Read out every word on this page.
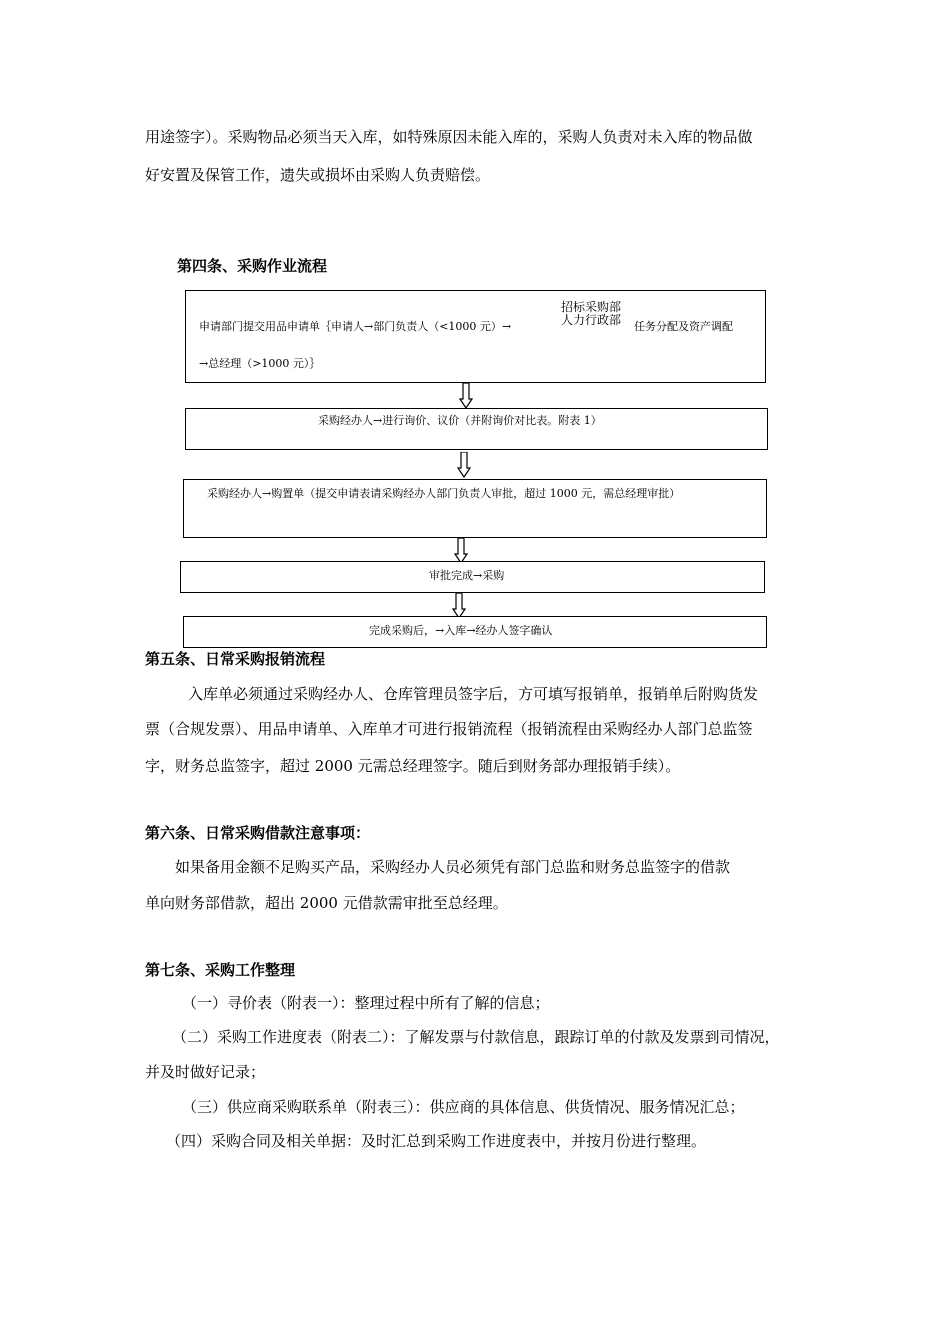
用途签字）。采购物品必须当天入库，如特殊原因未能入库的，采购人负责对未入库的物品做
好安置及保管工作，遗失或损坏由采购人负责赔偿。
第四条、采购作业流程
申请部门提交用品申请单｛申请人→部门负责人（<1000 元）→
招标采购部
人力行政部 任务分配及资产调配
→总经理（>1000 元）｝
采购经办人→进行询价、议价（并附询价对比表。附表 1）
采购经办人→购置单（提交申请表请采购经办人部门负责人审批，超过 1000 元，需总经理审批）
审批完成→采购
完成采购后，→入库→经办人签字确认
第五条、日常采购报销流程
入库单必须通过采购经办人、仓库管理员签字后，方可填写报销单，报销单后附购货发
票（合规发票）、用品申请单、入库单才可进行报销流程（报销流程由采购经办人部门总监签
字，财务总监签字，超过 2000 元需总经理签字。随后到财务部办理报销手续）。
第六条、日常采购借款注意事项：
如果备用金额不足购买产品，采购经办人员必须凭有部门总监和财务总监签字的借款
单向财务部借款，超出 2000 元借款需审批至总经理。
第七条、采购工作整理
（一）寻价表（附表一）：整理过程中所有了解的信息；
（二）采购工作进度表（附表二）：了解发票与付款信息，跟踪订单的付款及发票到司情况，
并及时做好记录；
（三）供应商采购联系单（附表三）：供应商的具体信息、供货情况、服务情况汇总；
（四）采购合同及相关单据：及时汇总到采购工作进度表中，并按月份进行整理。
